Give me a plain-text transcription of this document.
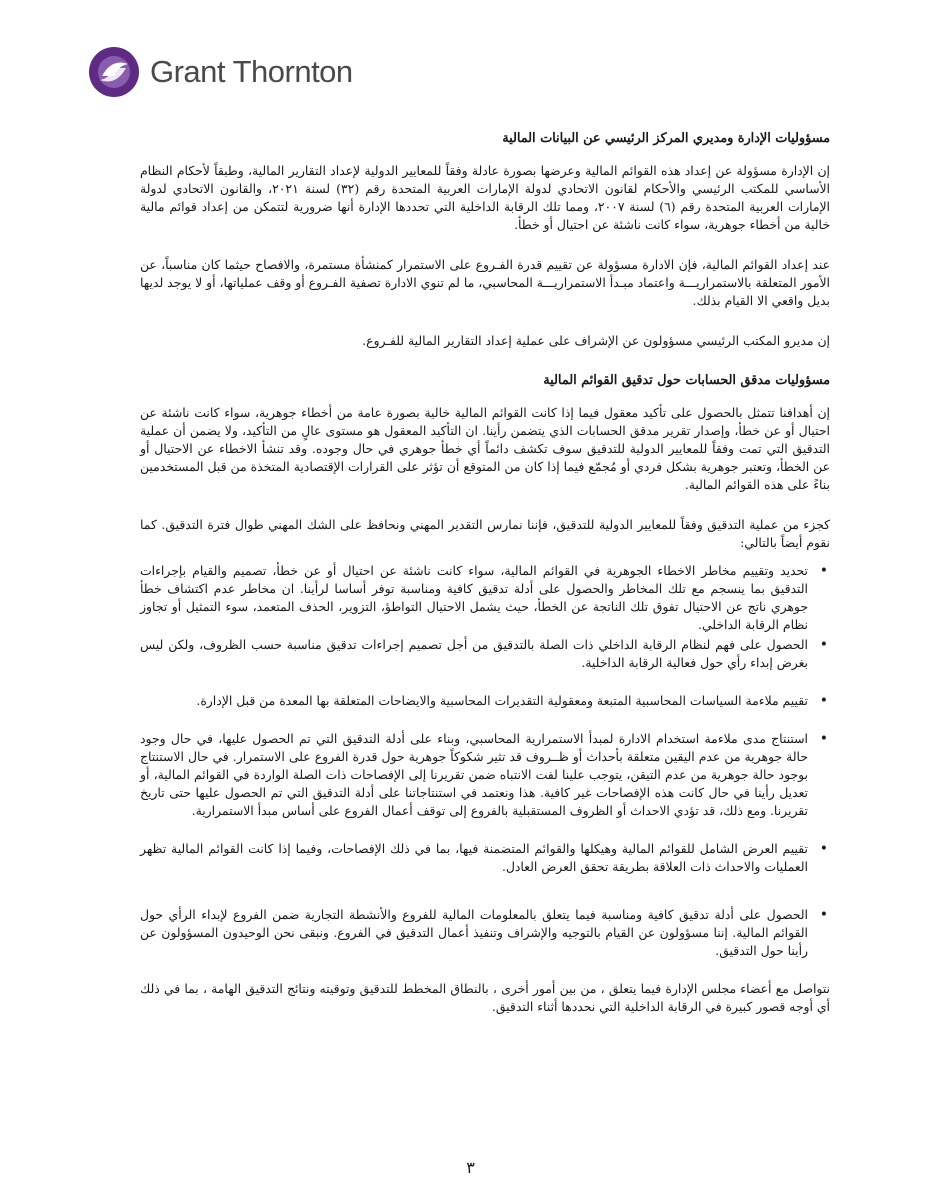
Grant Thornton

مسؤوليات الإدارة ومديري المركز الرئيسي عن البيانات المالية

إن الإدارة مسؤولة عن إعداد هذه القوائم المالية وعرضها بصورة عادلة وفقاً للمعايير الدولية لإعداد التقارير المالية، وطبقاً لأحكام النظام الأساسي للمكتب الرئيسي والأحكام لقانون الاتحادي لدولة الإمارات العربية المتحدة رقم (٣٢) لسنة ٢٠٢١، والقانون الاتحادي لدولة الإمارات العربية المتحدة رقم (٦) لسنة ٢٠٠٧، ومما تلك الرقابة الداخلية التي تحددها الإدارة أنها ضرورية لتتمكن من إعداد قوائم مالية خالية من أخطاء جوهرية، سواء كانت ناشئة عن احتيال أو خطأ.

عند إعداد القوائم المالية، فإن الادارة مسؤولة عن تقييم قدرة الفـروع على الاستمرار كمنشأة مستمرة، والافصاح حيثما كان مناسباً، عن الأمور المتعلقة بالاستمراريـــة واعتماد مبـدأ الاستمراريـــة المحاسبي، ما لم تنوي الادارة تصفية الفـروع أو وقف عملياتها، أو لا يوجد لديها بديل واقعي الا القيام بذلك.

إن مديرو المكتب الرئيسي مسؤولون عن الإشراف على عملية إعداد التقارير المالية للفـروع.

مسؤوليات مدقق الحسابات حول تدقيق القوائم المالية

إن أهدافنا تتمثل بالحصول على تأكيد معقول فيما إذا كانت القوائم المالية خالية بصورة عامة من أخطاء جوهرية، سواء كانت ناشئة عن احتيال أو عن خطأ، وإصدار تقرير مدقق الحسابات الذي يتضمن رأينا. ان التأكيد المعقول هو مستوى عالٍ من التأكيد، ولا يضمن أن عملية التدقيق التي تمت وفقاً للمعايير الدولية للتدقيق سوف تكشف دائماً أي خطأ جوهري في حال وجوده. وقد تنشأ الاخطاء عن الاحتيال أو عن الخطأ، وتعتبر جوهرية بشكل فردي أو مُجمّع فيما إذا كان من المتوقع أن تؤثر على القرارات الإقتصادية المتخذة من قبل المستخدمين بناءً على هذه القوائم المالية.

كجزء من عملية التدقيق وفقاً للمعايير الدولية للتدقيق، فإننا نمارس التقدير المهني ونحافظ على الشك المهني طوال فترة التدقيق. كما نقوم أيضاً بالتالي:

• تحديد وتقييم مخاطر الاخطاء الجوهرية في القوائم المالية، سواء كانت ناشئة عن احتيال أو عن خطأ، تصميم والقيام بإجراءات التدقيق بما ينسجم مع تلك المخاطر والحصول على أدلة تدقيق كافية ومناسبة توفر أساسا لرأينا. ان مخاطر عدم اكتشاف خطأ جوهري ناتج عن الاحتيال تفوق تلك الناتجة عن الخطأ، حيث يشمل الاحتيال التواطؤ، التزوير، الحذف المتعمد، سوء التمثيل أو تجاوز نظام الرقابة الداخلي.
• الحصول على فهم لنظام الرقابة الداخلي ذات الصلة بالتدقيق من أجل تصميم إجراءات تدقيق مناسبة حسب الظروف، ولكن ليس بغرض إبداء رأي حول فعالية الرقابة الداخلية.
• تقييم ملاءمة السياسات المحاسبية المتبعة ومعقولية التقديرات المحاسبية والايضاحات المتعلقة بها المعدة من قبل الإدارة.
• استنتاج مدى ملاءمة استخدام الادارة لمبدأ الاستمرارية المحاسبي، وبناء على أدلة التدقيق التي تم الحصول عليها، في حال وجود حالة جوهرية من عدم اليقين متعلقة بأحداث أو ظــروف قد تثير شكوكاً جوهرية حول قدرة الفروع على الاستمرار. في حال الاستنتاج بوجود حالة جوهرية من عدم التيقن، يتوجب علينا لفت الانتباه ضمن تقريرنا إلى الإفصاحات ذات الصلة الواردة في القوائم المالية، أو تعديل رأينا في حال كانت هذه الإفصاحات غير كافية. هذا ونعتمد في استنتاجاتنا على أدلة التدقيق التي تم الحصول عليها حتى تاريخ تقريرنا. ومع ذلك، قد تؤدي الاحداث أو الظروف المستقبلية بالفروع إلى توقف أعمال الفروع على أساس مبدأ الاستمرارية.
• تقييم العرض الشامل للقوائم المالية وهيكلها والقوائم المتضمنة فيها، بما في ذلك الإفصاحات، وفيما إذا كانت القوائم المالية تظهر العمليات والاحداث ذات العلاقة بطريقة تحقق العرض العادل.
• الحصول على أدلة تدقيق كافية ومناسبة فيما يتعلق بالمعلومات المالية للفروع والأنشطة التجارية ضمن الفروع لإبداء الرأي حول القوائم المالية. إننا مسؤولون عن القيام بالتوجيه والإشراف وتنفيذ أعمال التدقيق في الفروع. ونبقى نحن الوحيدون المسؤولون عن رأينا حول التدقيق.

نتواصل مع أعضاء مجلس الإدارة فيما يتعلق ، من بين أمور أخرى ، بالنطاق المخطط للتدقيق وتوقيته ونتائج التدقيق الهامة ، بما في ذلك أي أوجه قصور كبيرة في الرقابة الداخلية التي نحددها أثناء التدقيق.

٣
